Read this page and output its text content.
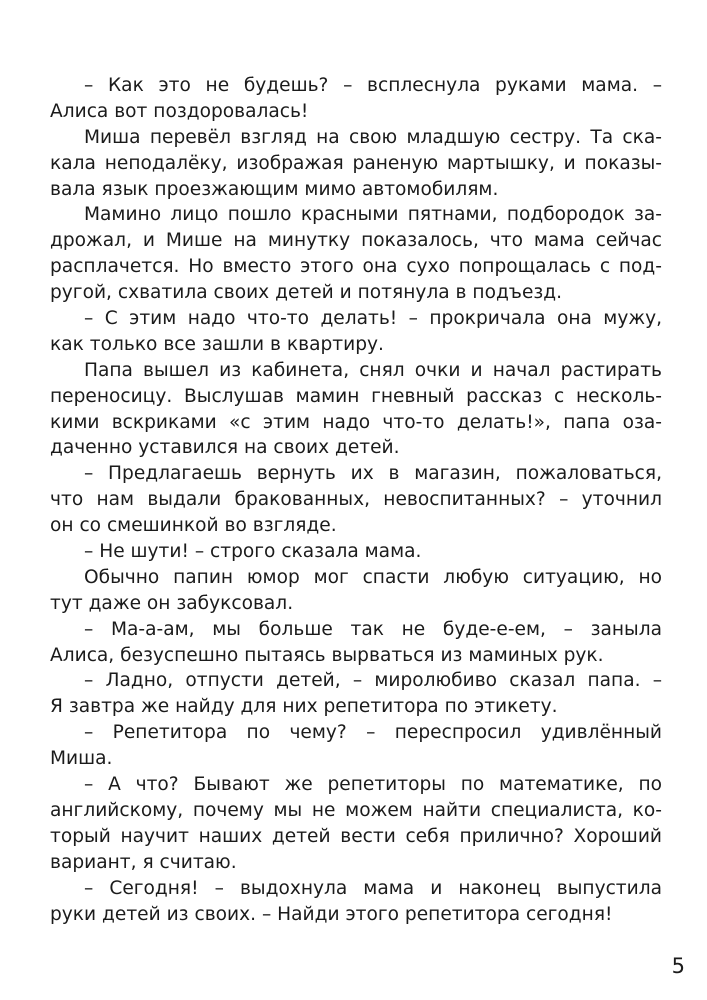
– Как это не будешь? – всплеснула руками мама. –
Алиса вот поздоровалась!
Миша перевёл взгляд на свою младшую сестру. Та ска-
кала неподалёку, изображая раненую мартышку, и показы-
вала язык проезжающим мимо автомобилям.
Мамино лицо пошло красными пятнами, подбородок за-
дрожал, и Мише на минутку показалось, что мама сейчас
расплачется. Но вместо этого она сухо попрощалась с под-
ругой, схватила своих детей и потянула в подъезд.
– С этим надо что-то делать! – прокричала она мужу,
как только все зашли в квартиру.
Папа вышел из кабинета, снял очки и начал растирать
переносицу. Выслушав мамин гневный рассказ с несколь-
кими вскриками «с этим надо что-то делать!», папа оза-
даченно уставился на своих детей.
– Предлагаешь вернуть их в магазин, пожаловаться,
что нам выдали бракованных, невоспитанных? – уточнил
он со смешинкой во взгляде.
– Не шути! – строго сказала мама.
Обычно папин юмор мог спасти любую ситуацию, но
тут даже он забуксовал.
– Ма-а-ам, мы больше так не буде-е-ем, – заныла
Алиса, безуспешно пытаясь вырваться из маминых рук.
– Ладно, отпусти детей, – миролюбиво сказал папа. –
Я завтра же найду для них репетитора по этикету.
– Репетитора по чему? – переспросил удивлённый
Миша.
– А что? Бывают же репетиторы по математике, по
английскому, почему мы не можем найти специалиста, ко-
торый научит наших детей вести себя прилично? Хороший
вариант, я считаю.
– Сегодня! – выдохнула мама и наконец выпустила
руки детей из своих. – Найди этого репетитора сегодня!
5
